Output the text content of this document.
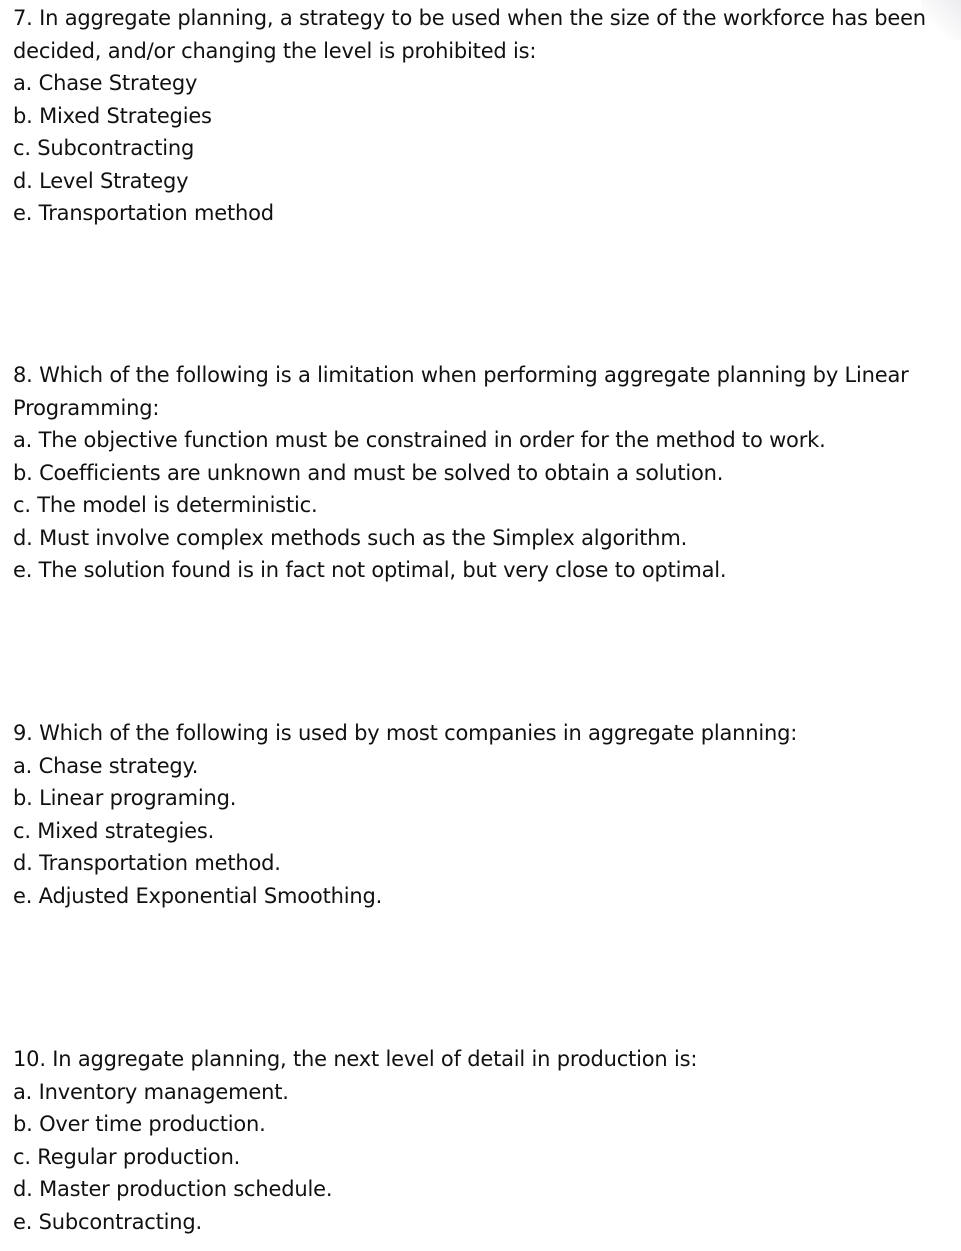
7. In aggregate planning, a strategy to be used when the size of the workforce has been
decided, and/or changing the level is prohibited is:
a. Chase Strategy
b. Mixed Strategies
c. Subcontracting
d. Level Strategy
e. Transportation method
8. Which of the following is a limitation when performing aggregate planning by Linear
Programming:
a. The objective function must be constrained in order for the method to work.
b. Coefficients are unknown and must be solved to obtain a solution.
c. The model is deterministic.
d. Must involve complex methods such as the Simplex algorithm.
e. The solution found is in fact not optimal, but very close to optimal.
9. Which of the following is used by most companies in aggregate planning:
a. Chase strategy.
b. Linear programing.
c. Mixed strategies.
d. Transportation method.
e. Adjusted Exponential Smoothing.
10. In aggregate planning, the next level of detail in production is:
a. Inventory management.
b. Over time production.
c. Regular production.
d. Master production schedule.
e. Subcontracting.
